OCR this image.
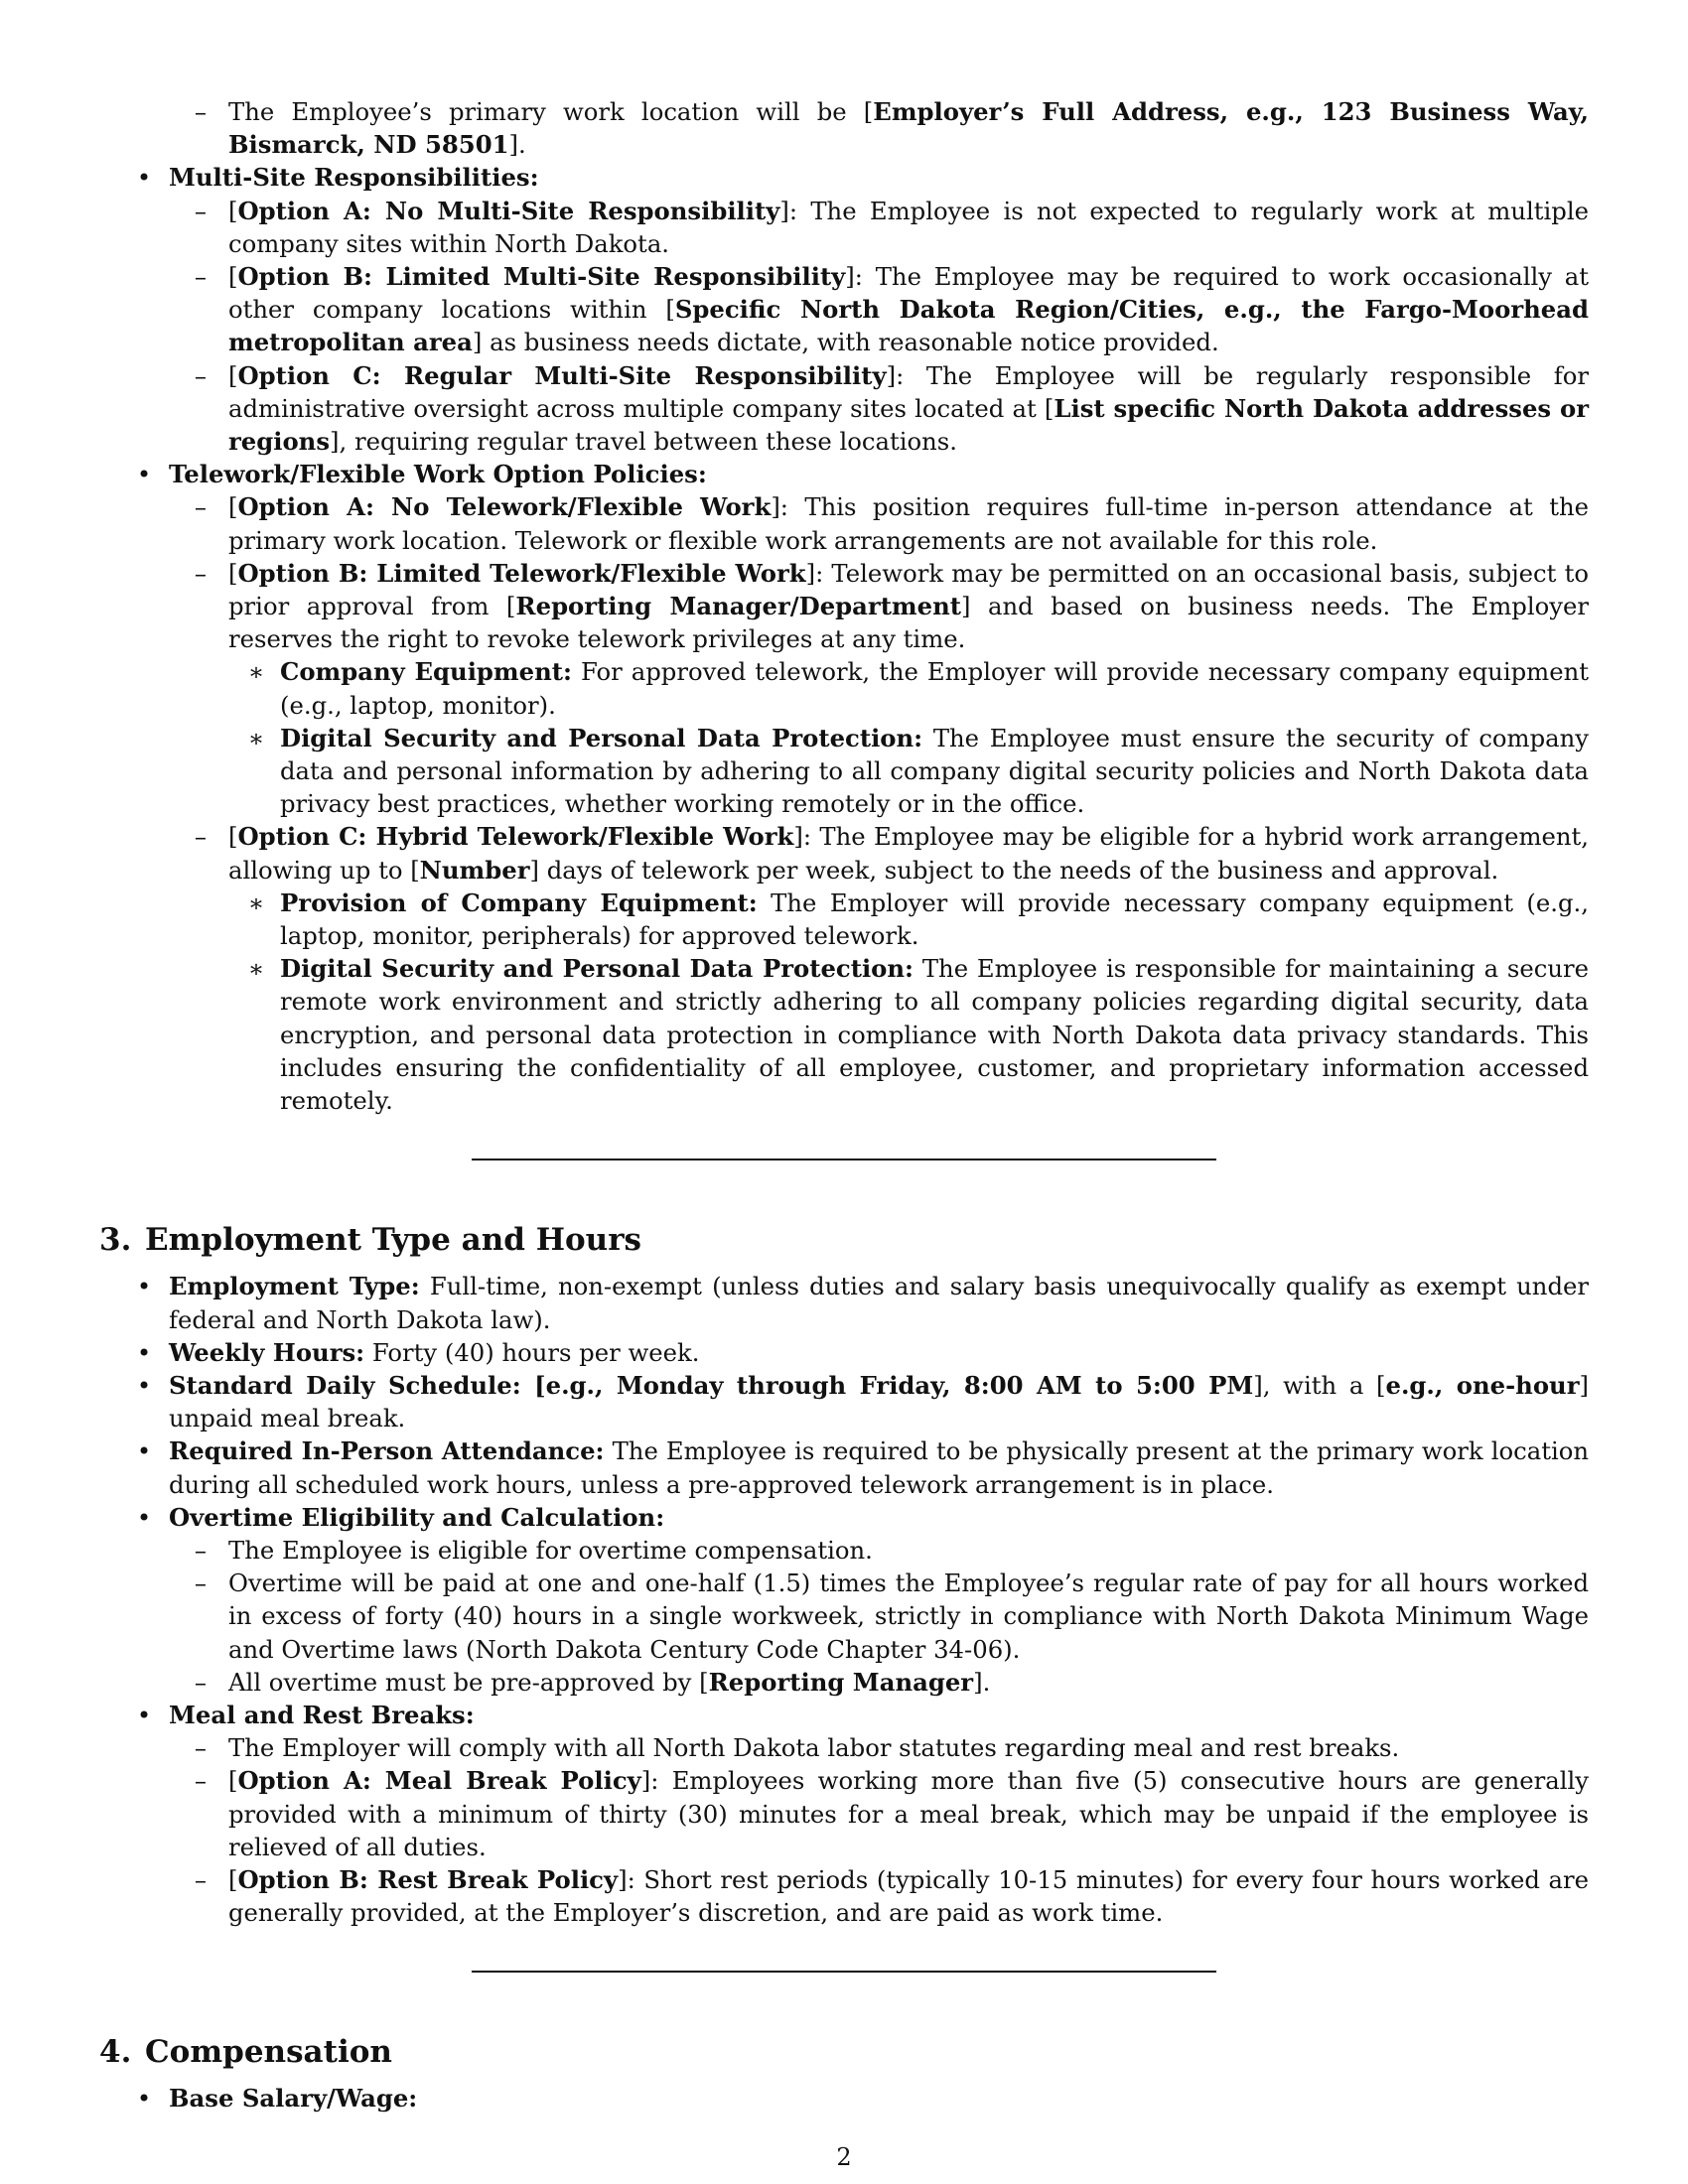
– The Employee’s primary work location will be [Employer’s Full Address, e.g., 123 Business Way, Bismarck, ND 58501].
• Multi-Site Responsibilities:
– [Option A: No Multi-Site Responsibility]: The Employee is not expected to regularly work at multiple company sites within North Dakota.
– [Option B: Limited Multi-Site Responsibility]: The Employee may be required to work occasionally at other company locations within [Specific North Dakota Region/Cities, e.g., the Fargo-Moorhead metropolitan area] as business needs dictate, with reasonable notice provided.
– [Option C: Regular Multi-Site Responsibility]: The Employee will be regularly responsible for administrative oversight across multiple company sites located at [List specific North Dakota addresses or regions], requiring regular travel between these locations.
• Telework/Flexible Work Option Policies:
– [Option A: No Telework/Flexible Work]: This position requires full-time in-person attendance at the primary work location. Telework or flexible work arrangements are not available for this role.
– [Option B: Limited Telework/Flexible Work]: Telework may be permitted on an occasional basis, subject to prior approval from [Reporting Manager/Department] and based on business needs. The Employer reserves the right to revoke telework privileges at any time.
∗ Company Equipment: For approved telework, the Employer will provide necessary company equipment (e.g., laptop, monitor).
∗ Digital Security and Personal Data Protection: The Employee must ensure the security of company data and personal information by adhering to all company digital security policies and North Dakota data privacy best practices, whether working remotely or in the office.
– [Option C: Hybrid Telework/Flexible Work]: The Employee may be eligible for a hybrid work arrangement, allowing up to [Number] days of telework per week, subject to the needs of the business and approval.
∗ Provision of Company Equipment: The Employer will provide necessary company equipment (e.g., laptop, monitor, peripherals) for approved telework.
∗ Digital Security and Personal Data Protection: The Employee is responsible for maintaining a secure remote work environment and strictly adhering to all company policies regarding digital security, data encryption, and personal data protection in compliance with North Dakota data privacy standards. This includes ensuring the confidentiality of all employee, customer, and proprietary information accessed remotely.
3. Employment Type and Hours
• Employment Type: Full-time, non-exempt (unless duties and salary basis unequivocally qualify as exempt under federal and North Dakota law).
• Weekly Hours: Forty (40) hours per week.
• Standard Daily Schedule: [e.g., Monday through Friday, 8:00 AM to 5:00 PM], with a [e.g., one-hour] unpaid meal break.
• Required In-Person Attendance: The Employee is required to be physically present at the primary work location during all scheduled work hours, unless a pre-approved telework arrangement is in place.
• Overtime Eligibility and Calculation:
– The Employee is eligible for overtime compensation.
– Overtime will be paid at one and one-half (1.5) times the Employee’s regular rate of pay for all hours worked in excess of forty (40) hours in a single workweek, strictly in compliance with North Dakota Minimum Wage and Overtime laws (North Dakota Century Code Chapter 34-06).
– All overtime must be pre-approved by [Reporting Manager].
• Meal and Rest Breaks:
– The Employer will comply with all North Dakota labor statutes regarding meal and rest breaks.
– [Option A: Meal Break Policy]: Employees working more than five (5) consecutive hours are generally provided with a minimum of thirty (30) minutes for a meal break, which may be unpaid if the employee is relieved of all duties.
– [Option B: Rest Break Policy]: Short rest periods (typically 10-15 minutes) for every four hours worked are generally provided, at the Employer’s discretion, and are paid as work time.
4. Compensation
• Base Salary/Wage:
2
